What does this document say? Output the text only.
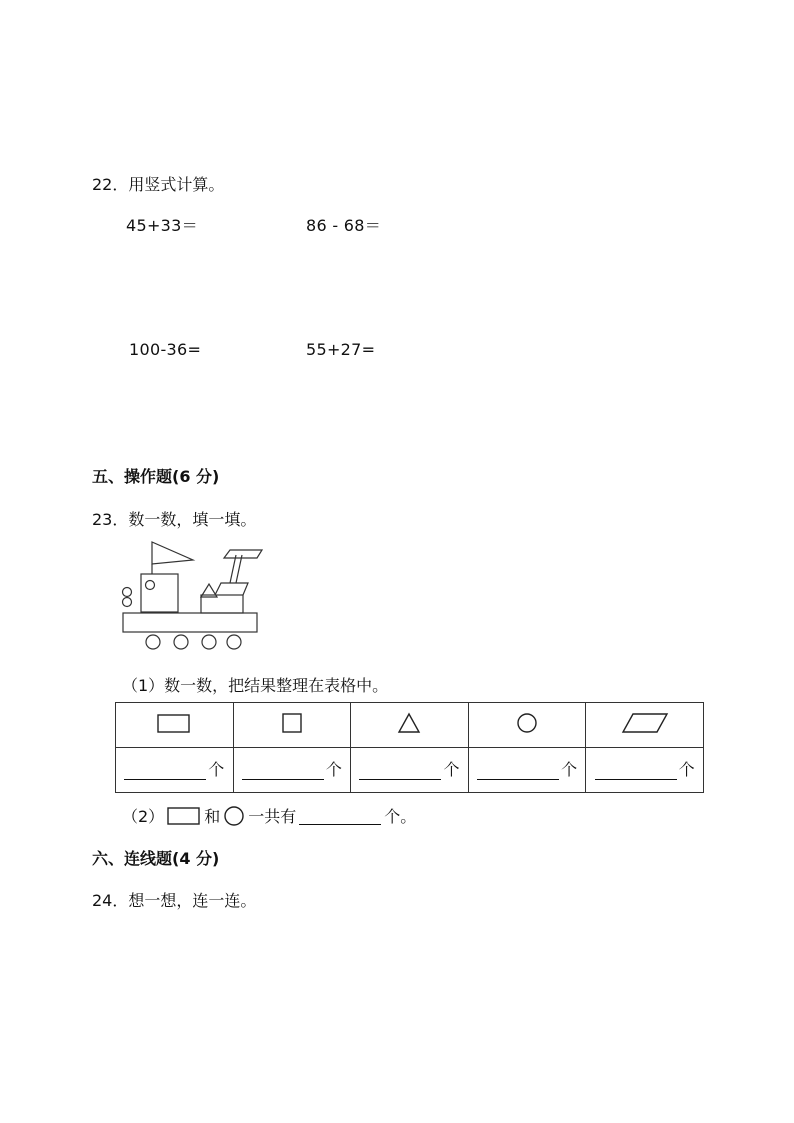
22．用竖式计算。
45+33＝	86 - 68＝
100-36=	55+27=
五、操作题(6 分)
23．数一数，填一填。
（1）数一数，把结果整理在表格中。

个	个	个	个	个
（2）	和 一共有	个。
六、连线题(4 分)
24．想一想，连一连。
